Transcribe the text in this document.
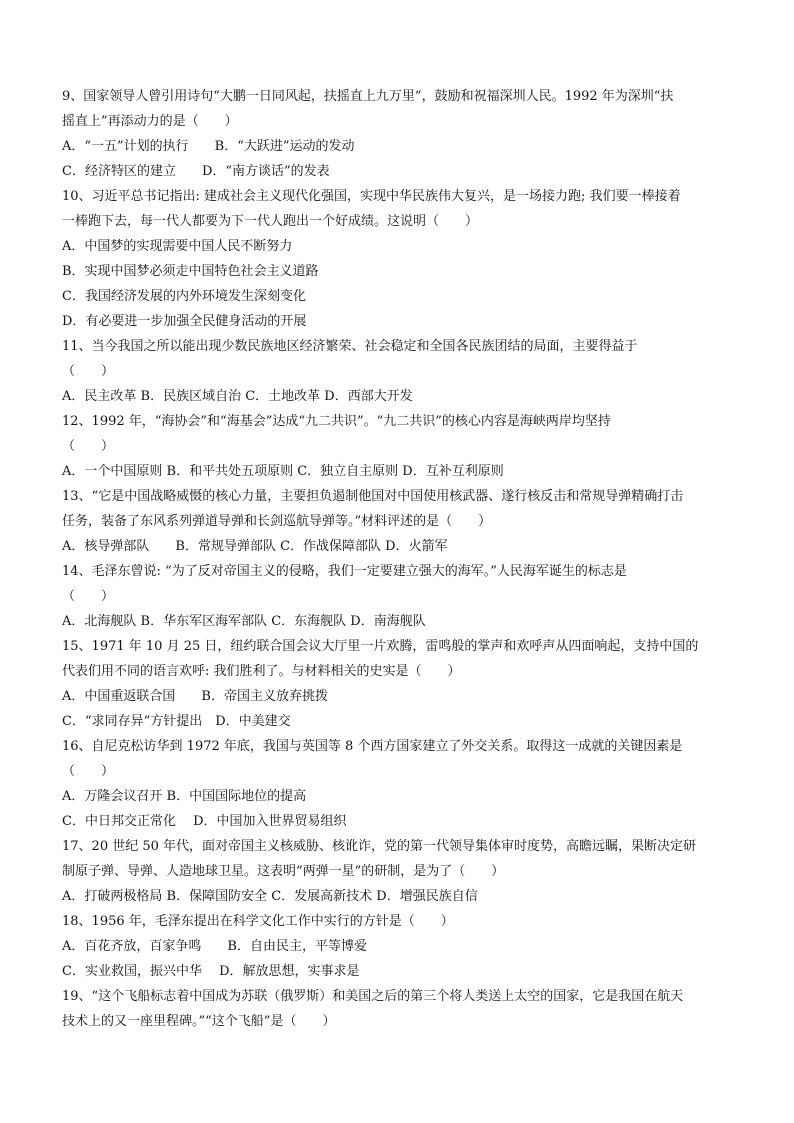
9、国家领导人曾引用诗句“大鹏一日同风起，扶摇直上九万里”，鼓励和祝福深圳人民。1992 年为深圳“扶
摇直上”再添动力的是（　　）
A．“一五”计划的执行　　B．“大跃进”运动的发动
C．经济特区的建立　　D．“南方谈话”的发表
10、习近平总书记指出: 建成社会主义现代化强国，实现中华民族伟大复兴，是一场接力跑; 我们要一棒接着
一棒跑下去，每一代人都要为下一代人跑出一个好成绩。这说明（　　）
A．中国梦的实现需要中国人民不断努力
B．实现中国梦必须走中国特色社会主义道路
C．我国经济发展的内外环境发生深刻变化
D．有必要进一步加强全民健身活动的开展
11、当今我国之所以能出现少数民族地区经济繁荣、社会稳定和全国各民族团结的局面，主要得益于
（　　）
A．民主改革 B．民族区域自治 C．土地改革 D．西部大开发
12、1992 年，“海协会”和“海基会”达成“九二共识”。“九二共识”的核心内容是海峡两岸均坚持
（　　）
A．一个中国原则 B．和平共处五项原则 C．独立自主原则 D．互补互利原则
13、“它是中国战略威慑的核心力量，主要担负遏制他国对中国使用核武器、遂行核反击和常规导弹精确打击
任务，装备了东风系列弹道导弹和长剑巡航导弹等。”材料评述的是（　　）
A．核导弹部队　　B．常规导弹部队 C．作战保障部队 D．火箭军
14、毛泽东曾说: “为了反对帝国主义的侵略，我们一定要建立强大的海军。”人民海军诞生的标志是
（　　）
A．北海舰队 B．华东军区海军部队 C．东海舰队 D．南海舰队
15、1971 年 10 月 25 日，纽约联合国会议大厅里一片欢腾，雷鸣般的掌声和欢呼声从四面响起，支持中国的
代表们用不同的语言欢呼: 我们胜利了。与材料相关的史实是（　　）
A．中国重返联合国　　B．帝国主义放弃挑拨
C．“求同存异”方针提出　D．中美建交
16、自尼克松访华到 1972 年底，我国与英国等 8 个西方国家建立了外交关系。取得这一成就的关键因素是
（　　）
A．万隆会议召开 B．中国国际地位的提高
C．中日邦交正常化　 D．中国加入世界贸易组织
17、20 世纪 50 年代，面对帝国主义核威胁、核讹诈，党的第一代领导集体审时度势，高瞻远瞩，果断决定研
制原子弹、导弹、人造地球卫星。这表明“两弹一星”的研制，是为了（　　）
A．打破两极格局 B．保障国防安全 C．发展高新技术 D．增强民族自信
18、1956 年，毛泽东提出在科学文化工作中实行的方针是（　　）
A．百花齐放，百家争鸣　　B．自由民主，平等博爱
C．实业救国，振兴中华　 D．解放思想，实事求是
19、“这个飞船标志着中国成为苏联（俄罗斯）和美国之后的第三个将人类送上太空的国家，它是我国在航天
技术上的又一座里程碑。”“这个飞船”是（　　）
